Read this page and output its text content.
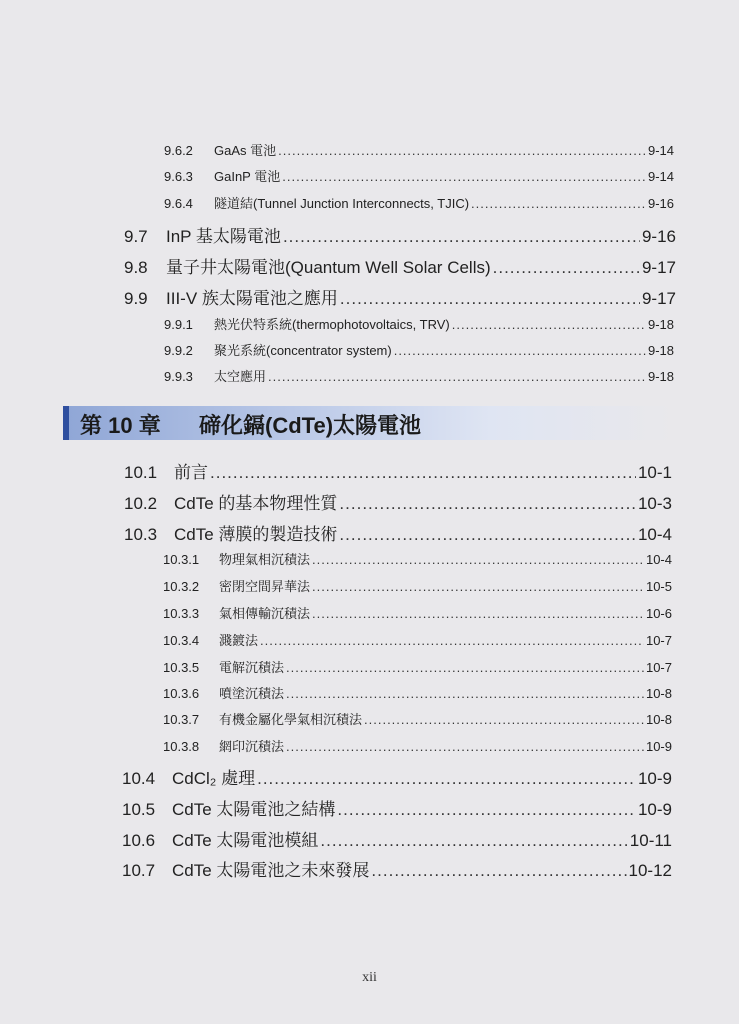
9.6.2	GaAs 電池 .....	9-14
9.6.3	GaInP 電池 .....	9-14
9.6.4	隧道結(Tunnel Junction Interconnects, TJIC) .....	9-16
9.7	InP 基太陽電池 .....	9-16
9.8	量子井太陽電池(Quantum Well Solar Cells) .....	9-17
9.9	III-V 族太陽電池之應用 .....	9-17
9.9.1	熱光伏特系統(thermophotovoltaics, TRV) .....	9-18
9.9.2	聚光系統(concentrator system) .....	9-18
9.9.3	太空應用 .....	9-18
第 10 章 碲化鎘(CdTe)太陽電池
10.1 前言 .....	10-1
10.2 CdTe 的基本物理性質 .....	10-3
10.3 CdTe 薄膜的製造技術 .....	10-4
10.3.1	物理氣相沉積法 .....	10-4
10.3.2	密閉空間昇華法 .....	10-5
10.3.3	氣相傳輸沉積法 .....	10-6
10.3.4	濺鍍法 .....	10-7
10.3.5	電解沉積法 .....	10-7
10.3.6	噴塗沉積法 .....	10-8
10.3.7	有機金屬化學氣相沉積法 .....	10-8
10.3.8	網印沉積法 .....	10-9
10.4 CdCl₂ 處理 .....	10-9
10.5 CdTe 太陽電池之結構 .....	10-9
10.6 CdTe 太陽電池模組 .....	10-11
10.7 CdTe 太陽電池之未來發展 .....	10-12
xii
